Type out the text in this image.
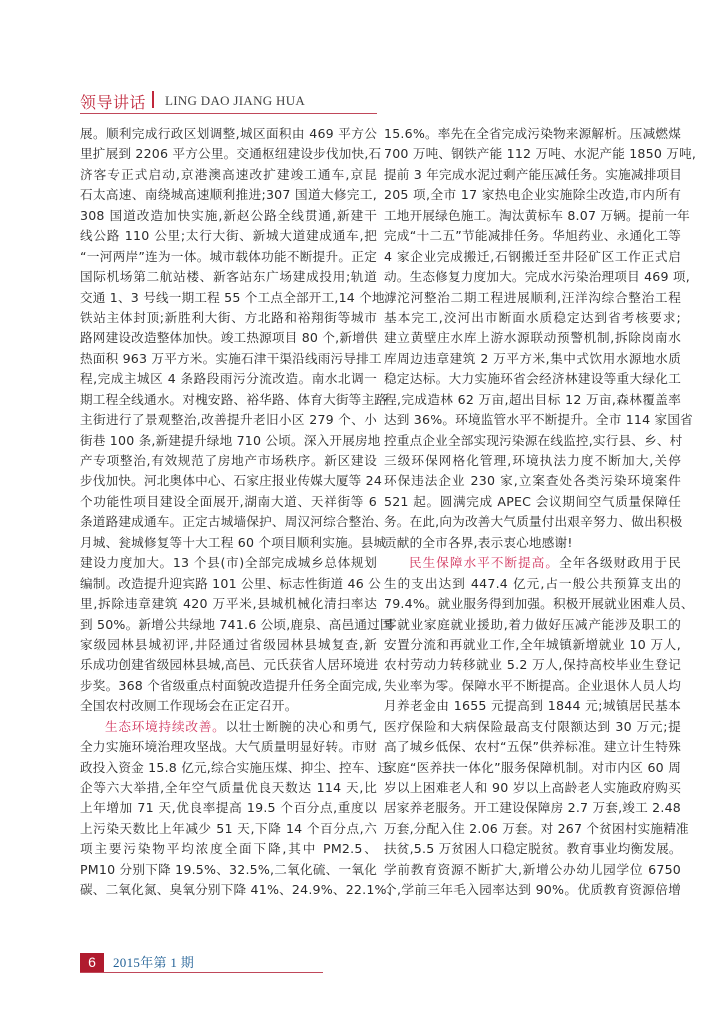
领导讲话 LING DAO JIANG HUA
展。顺利完成行政区划调整,城区面积由 469 平方公
里扩展到 2206 平方公里。交通枢纽建设步伐加快,石
济客专正式启动,京港澳高速改扩建竣工通车,京昆
石太高速、南绕城高速顺利推进;307 国道大修完工,
308 国道改造加快实施,新赵公路全线贯通,新建干
线公路 110 公里;太行大街、新城大道建成通车,把
“一河两岸”连为一体。城市载体功能不断提升。正定
国际机场第二航站楼、新客站东广场建成投用;轨道
交通 1、3 号线一期工程 55 个工点全部开工,14 个地
铁站主体封顶;新胜利大街、方北路和裕翔街等城市
路网建设改造整体加快。竣工热源项目 80 个,新增供
热面积 963 万平方米。实施石津干渠沿线雨污导排工
程,完成主城区 4 条路段雨污分流改造。南水北调一
期工程全线通水。对槐安路、裕华路、体育大街等主路
主街进行了景观整治,改善提升老旧小区 279 个、小
街巷 100 条,新建提升绿地 710 公顷。深入开展房地
产专项整治,有效规范了房地产市场秩序。新区建设
步伐加快。河北奥体中心、石家庄报业传媒大厦等 24
个功能性项目建设全面展开,湖南大道、天祥街等 6
条道路建成通车。正定古城墙保护、周汉河综合整治、
月城、瓮城修复等十大工程 60 个项目顺利实施。县城
建设力度加大。13 个县(市)全部完成城乡总体规划
编制。改造提升迎宾路 101 公里、标志性街道 46 公
里,拆除违章建筑 420 万平米,县城机械化清扫率达
到 50%。新增公共绿地 741.6 公顷,鹿泉、高邑通过国
家级园林县城初评,井陉通过省级园林县城复查,新
乐成功创建省级园林县城,高邑、元氏获省人居环境进
步奖。368 个省级重点村面貌改造提升任务全面完成,
全国农村改厕工作现场会在正定召开。
生态环境持续改善。以壮士断腕的决心和勇气,
全力实施环境治理攻坚战。大气质量明显好转。市财
政投入资金 15.8 亿元,综合实施压煤、抑尘、控车、迁
企等六大举措,全年空气质量优良天数达 114 天,比
上年增加 71 天,优良率提高 19.5 个百分点,重度以
上污染天数比上年减少 51 天,下降 14 个百分点,六
项主要污染物平均浓度全面下降,其中 PM2.5、
PM10 分别下降 19.5%、32.5%,二氧化硫、一氧化
碳、二氧化氮、臭氧分别下降 41%、24.9%、22.1%、
15.6%。率先在全省完成污染物来源解析。压减燃煤
700 万吨、钢铁产能 112 万吨、水泥产能 1850 万吨,
提前 3 年完成水泥过剩产能压减任务。实施减排项目
205 项,全市 17 家热电企业实施除尘改造,市内所有
工地开展绿色施工。淘汰黄标车 8.07 万辆。提前一年
完成“十二五”节能减排任务。华旭药业、永通化工等
4 家企业完成搬迁,石钢搬迁至井陉矿区工作正式启
动。生态修复力度加大。完成水污染治理项目 469 项,
滹沱河整治二期工程进展顺利,汪洋沟综合整治工程
基本完工,洨河出市断面水质稳定达到省考核要求;
建立黄壁庄水库上游水源联动预警机制,拆除岗南水
库周边违章建筑 2 万平方米,集中式饮用水源地水质
稳定达标。大力实施环省会经济林建设等重大绿化工
程,完成造林 62 万亩,超出目标 12 万亩,森林覆盖率
达到 36%。环境监管水平不断提升。全市 114 家国省
控重点企业全部实现污染源在线监控,实行县、乡、村
三级环保网格化管理,环境执法力度不断加大,关停
环保违法企业 230 家,立案查处各类污染环境案件
521 起。圆满完成 APEC 会议期间空气质量保障任
务。在此,向为改善大气质量付出艰辛努力、做出积极
贡献的全市各界,表示衷心地感谢!
民生保障水平不断提高。全年各级财政用于民
生的支出达到 447.4 亿元,占一般公共预算支出的
79.4%。就业服务得到加强。积极开展就业困难人员、
零就业家庭就业援助,着力做好压减产能涉及职工的
安置分流和再就业工作,全年城镇新增就业 10 万人,
农村劳动力转移就业 5.2 万人,保持高校毕业生登记
失业率为零。保障水平不断提高。企业退休人员人均
月养老金由 1655 元提高到 1844 元;城镇居民基本
医疗保险和大病保险最高支付限额达到 30 万元;提
高了城乡低保、农村“五保”供养标准。建立计生特殊
家庭“医养扶一体化”服务保障机制。对市内区 60 周
岁以上困难老人和 90 岁以上高龄老人实施政府购买
居家养老服务。开工建设保障房 2.7 万套,竣工 2.48
万套,分配入住 2.06 万套。对 267 个贫困村实施精准
扶贫,5.5 万贫困人口稳定脱贫。教育事业均衡发展。
学前教育资源不断扩大,新增公办幼儿园学位 6750
个,学前三年毛入园率达到 90%。优质教育资源倍增
6	2015年第 1 期
